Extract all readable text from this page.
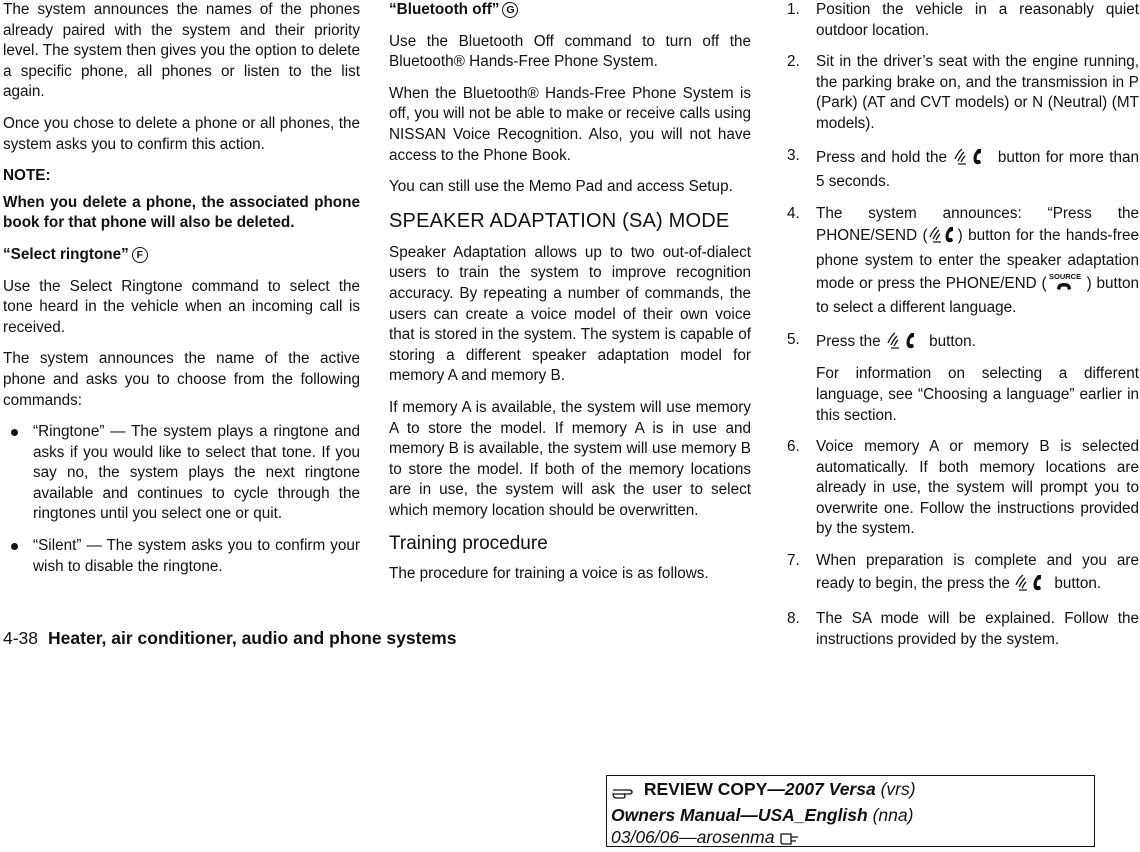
The system announces the names of the phones already paired with the system and their priority level. The system then gives you the option to delete a specific phone, all phones or listen to the list again.

Once you chose to delete a phone or all phones, the system asks you to confirm this action.

NOTE:

When you delete a phone, the associated phone book for that phone will also be deleted.

“Select ringtone” F

Use the Select Ringtone command to select the tone heard in the vehicle when an incoming call is received.

The system announces the name of the active phone and asks you to choose from the following commands:

“Ringtone” — The system plays a ringtone and asks if you would like to select that tone. If you say no, the system plays the next ringtone available and continues to cycle through the ringtones until you select one or quit.
“Silent” — The system asks you to confirm your wish to disable the ringtone.

“Bluetooth off” G

Use the Bluetooth Off command to turn off the Bluetooth® Hands-Free Phone System.

When the Bluetooth® Hands-Free Phone System is off, you will not be able to make or receive calls using NISSAN Voice Recognition. Also, you will not have access to the Phone Book.

You can still use the Memo Pad and access Setup.

SPEAKER ADAPTATION (SA) MODE

Speaker Adaptation allows up to two out-of-dialect users to train the system to improve recognition accuracy. By repeating a number of commands, the users can create a voice model of their own voice that is stored in the system. The system is capable of storing a different speaker adaptation model for memory A and memory B.

If memory A is available, the system will use memory A to store the model. If memory A is in use and memory B is available, the system will use memory B to store the model. If both of the memory locations are in use, the system will ask the user to select which memory location should be overwritten.

Training procedure

The procedure for training a voice is as follows.

1. Position the vehicle in a reasonably quiet outdoor location.
2. Sit in the driver’s seat with the engine running, the parking brake on, and the transmission in P (Park) (AT and CVT models) or N (Neutral) (MT models).
3. Press and hold the	button for more than 5 seconds.
4. The system announces: “Press the PHONE/SEND ( ) button for the hands-free phone system to enter the speaker adaptation mode or press the PHONE/END ( SOURCE ) button to select a different language.
5. Press the	button.
For information on selecting a different language, see “Choosing a language” earlier in this section.
6. Voice memory A or memory B is selected automatically. If both memory locations are already in use, the system will prompt you to overwrite one. Follow the instructions provided by the system.
7. When preparation is complete and you are ready to begin, the press the	button.
8. The SA mode will be explained. Follow the instructions provided by the system.
4-38 Heater, air conditioner, audio and phone systems
REVIEW COPY—2007 Versa (vrs)
Owners Manual—USA_English (nna)
03/06/06—arosenma
